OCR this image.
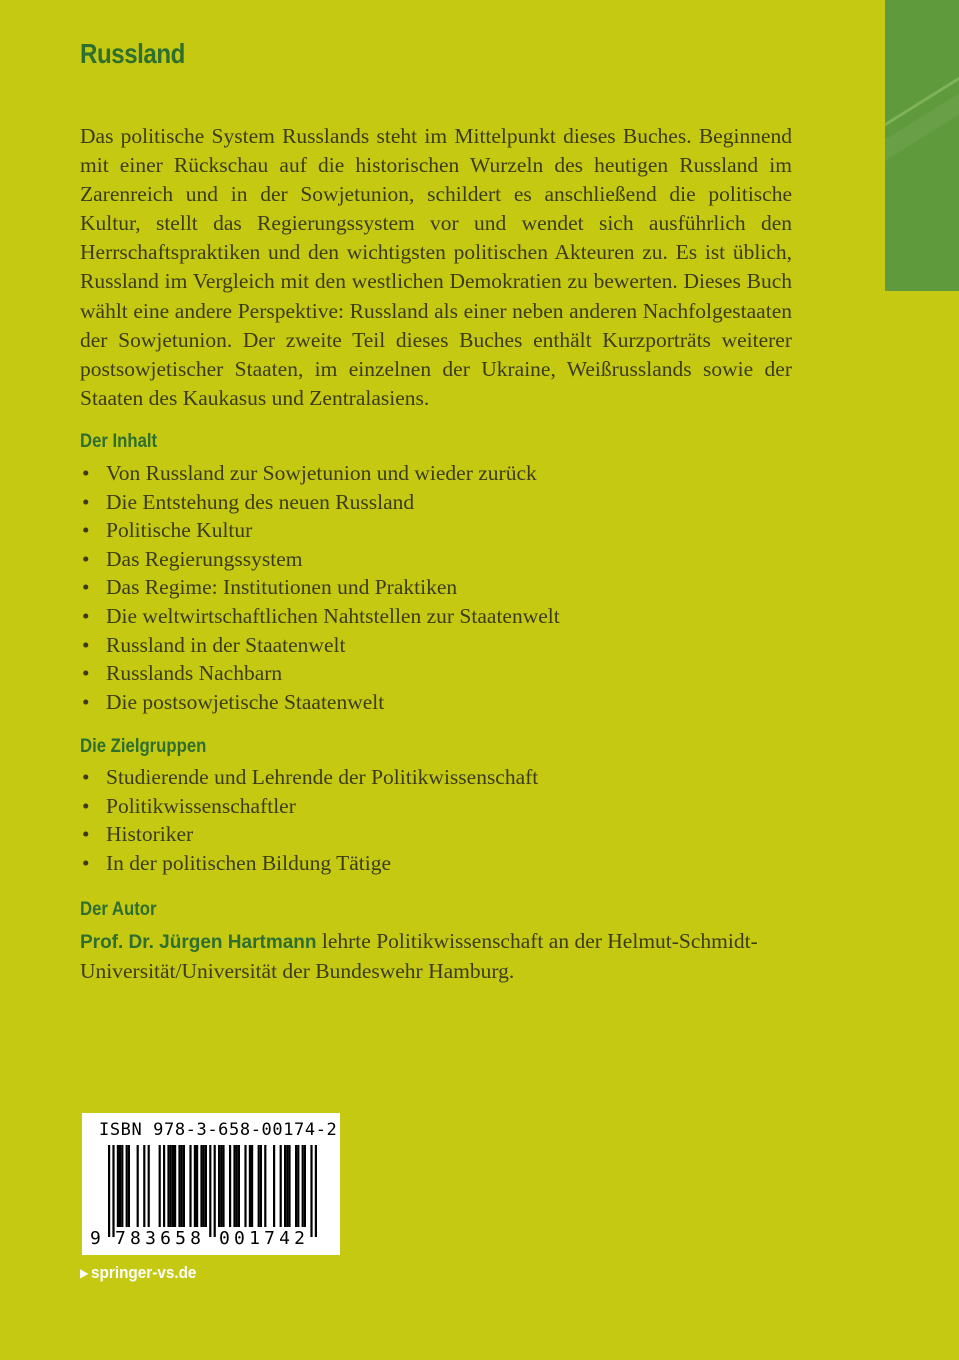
Russland

Das politische System Russlands steht im Mittelpunkt dieses Buches. Beginnend mit einer Rückschau auf die historischen Wurzeln des heutigen Russland im Zarenreich und in der Sowjetunion, schildert es anschließend die politische Kultur, stellt das Regierungssystem vor und wendet sich ausführlich den Herrschaftspraktiken und den wichtigsten politischen Akteuren zu. Es ist üblich, Russland im Vergleich mit den westlichen Demokratien zu bewerten. Dieses Buch wählt eine andere Perspektive: Russland als einer neben anderen Nachfolgestaaten der Sowjetunion. Der zweite Teil dieses Buches enthält Kurzporträts weiterer postsowjetischer Staaten, im einzelnen der Ukraine, Weißrusslands sowie der Staaten des Kaukasus und Zentralasiens.

Der Inhalt
• Von Russland zur Sowjetunion und wieder zurück
• Die Entstehung des neuen Russland
• Politische Kultur
• Das Regierungssystem
• Das Regime: Institutionen und Praktiken
• Die weltwirtschaftlichen Nahtstellen zur Staatenwelt
• Russland in der Staatenwelt
• Russlands Nachbarn
• Die postsowjetische Staatenwelt
Die Zielgruppen
• Studierende und Lehrende der Politikwissenschaft
• Politikwissenschaftler
• Historiker
• In der politischen Bildung Tätige
Der Autor

Prof. Dr. Jürgen Hartmann lehrte Politikwissenschaft an der Helmut-Schmidt-Universität/Universität der Bundeswehr Hamburg.

ISBN 978-3-658-00174-2
9 783658 001742
▶ springer-vs.de
